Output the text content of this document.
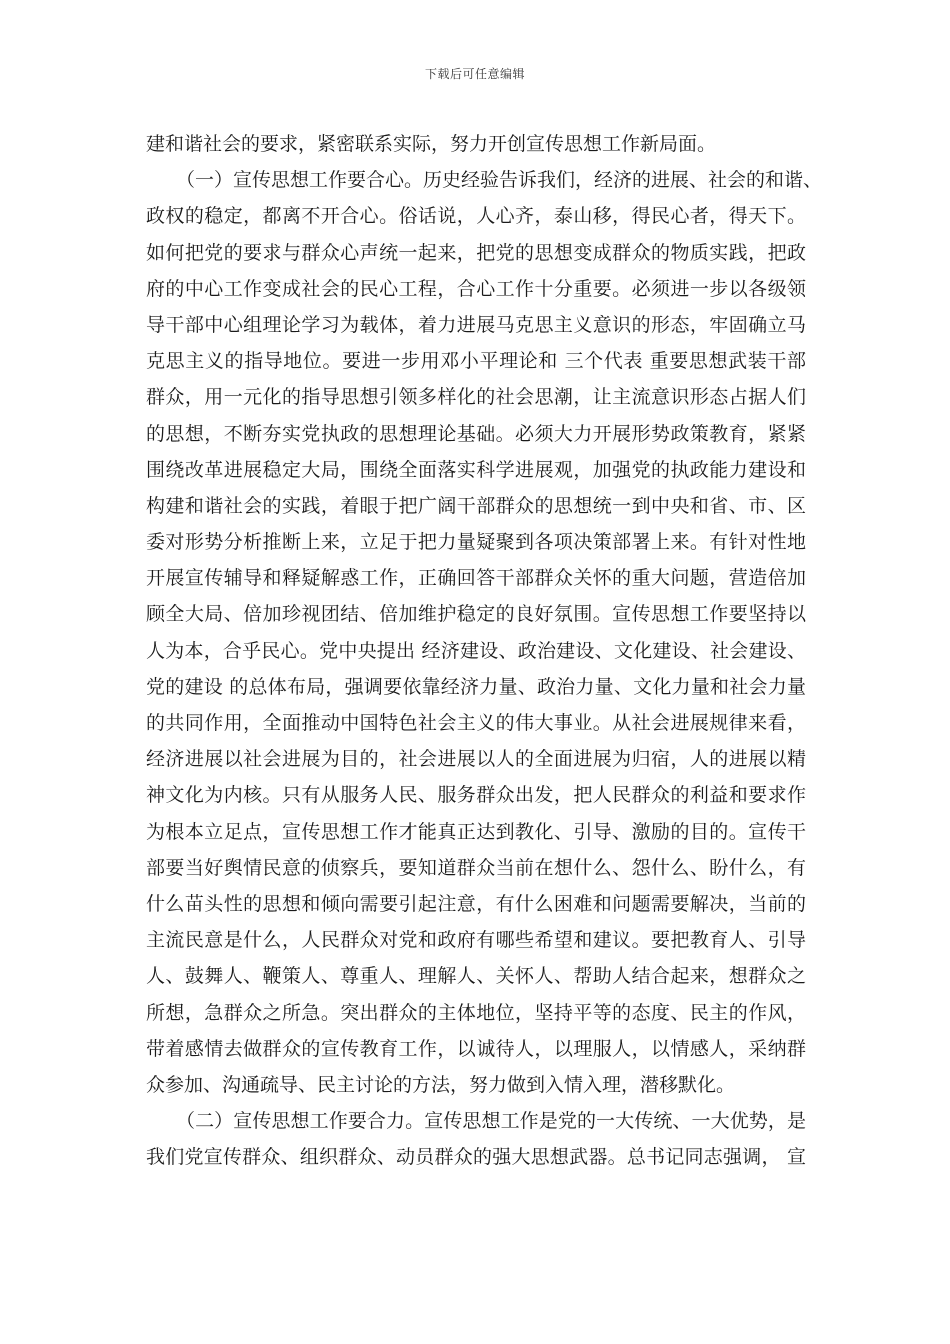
下载后可任意编辑
建和谐社会的要求，紧密联系实际，努力开创宣传思想工作新局面。
（一）宣传思想工作要合心。历史经验告诉我们，经济的进展、社会的和谐、
政权的稳定，都离不开合心。俗话说，人心齐，泰山移，得民心者，得天下。
如何把党的要求与群众心声统一起来，把党的思想变成群众的物质实践，把政
府的中心工作变成社会的民心工程，合心工作十分重要。必须进一步以各级领
导干部中心组理论学习为载体，着力进展马克思主义意识的形态，牢固确立马
克思主义的指导地位。要进一步用邓小平理论和 三个代表 重要思想武装干部
群众，用一元化的指导思想引领多样化的社会思潮，让主流意识形态占据人们
的思想，不断夯实党执政的思想理论基础。必须大力开展形势政策教育，紧紧
围绕改革进展稳定大局，围绕全面落实科学进展观，加强党的执政能力建设和
构建和谐社会的实践，着眼于把广阔干部群众的思想统一到中央和省、市、区
委对形势分析推断上来，立足于把力量疑聚到各项决策部署上来。有针对性地
开展宣传辅导和释疑解惑工作，正确回答干部群众关怀的重大问题，营造倍加
顾全大局、倍加珍视团结、倍加维护稳定的良好氛围。宣传思想工作要坚持以
人为本，合乎民心。党中央提出 经济建设、政治建设、文化建设、社会建设、
党的建设 的总体布局，强调要依靠经济力量、政治力量、文化力量和社会力量
的共同作用，全面推动中国特色社会主义的伟大事业。从社会进展规律来看，
经济进展以社会进展为目的，社会进展以人的全面进展为归宿，人的进展以精
神文化为内核。只有从服务人民、服务群众出发，把人民群众的利益和要求作
为根本立足点，宣传思想工作才能真正达到教化、引导、激励的目的。宣传干
部要当好舆情民意的侦察兵，要知道群众当前在想什么、怨什么、盼什么，有
什么苗头性的思想和倾向需要引起注意，有什么困难和问题需要解决，当前的
主流民意是什么，人民群众对党和政府有哪些希望和建议。要把教育人、引导
人、鼓舞人、鞭策人、尊重人、理解人、关怀人、帮助人结合起来，想群众之
所想，急群众之所急。突出群众的主体地位，坚持平等的态度、民主的作风，
带着感情去做群众的宣传教育工作，以诚待人，以理服人，以情感人，采纳群
众参加、沟通疏导、民主讨论的方法，努力做到入情入理，潜移默化。
（二）宣传思想工作要合力。宣传思想工作是党的一大传统、一大优势，是
我们党宣传群众、组织群众、动员群众的强大思想武器。总书记同志强调， 宣
